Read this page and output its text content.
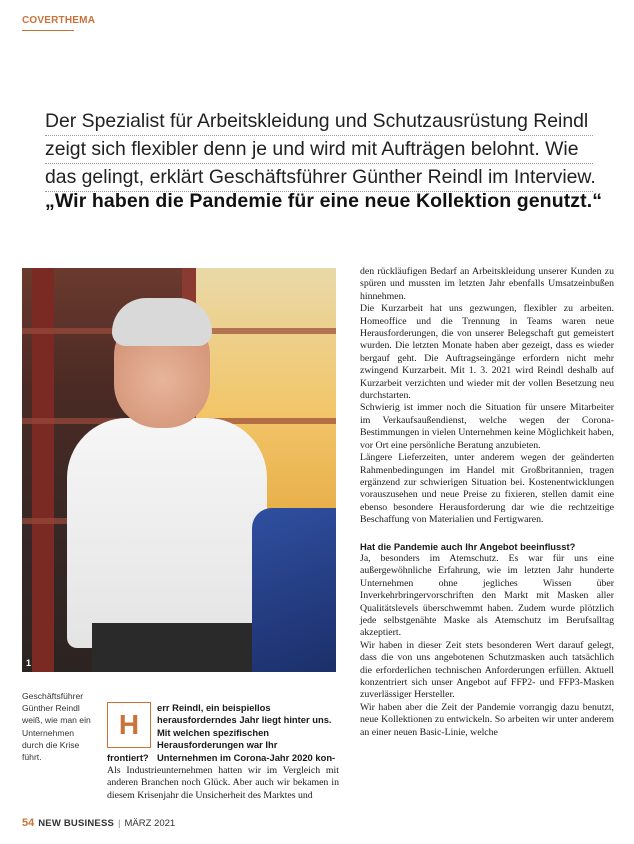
COVERTHEMA
Der Spezialist für Arbeitskleidung und Schutzausrüstung Reindl
zeigt sich flexibler denn je und wird mit Aufträgen belohnt. Wie
das gelingt, erklärt Geschäftsführer Günther Reindl im Interview.
„Wir haben die Pandemie für eine neue Kollektion genutzt.“
1
Geschäftsführer Günther Reindl weiß, wie man ein Unternehmen durch die Krise führt.
H
err Reindl, ein beispiellos herausforderndes Jahr liegt hinter uns. Mit welchen spezifischen Herausforderungen war Ihr Unternehmen im Corona-Jahr 2020 kon-
frontiert?

Als Industrieunternehmen hatten wir im Vergleich mit anderen Branchen noch Glück. Aber auch wir bekamen in diesem Krisenjahr die Unsicherheit des Marktes und

den rückläufigen Bedarf an Arbeitskleidung unserer Kunden zu spüren und mussten im letzten Jahr ebenfalls Umsatzeinbußen hinnehmen.

Die Kurzarbeit hat uns gezwungen, flexibler zu arbeiten. Homeoffice und die Trennung in Teams waren neue Herausforderungen, die von unserer Belegschaft gut gemeistert wurden. Die letzten Monate haben aber gezeigt, dass es wieder bergauf geht. Die Auftragseingänge erfordern nicht mehr zwingend Kurzarbeit. Mit 1. 3. 2021 wird Reindl deshalb auf Kurzarbeit verzichten und wieder mit der vollen Besetzung neu durchstarten.

Schwierig ist immer noch die Situation für unsere Mitarbeiter im Verkaufsaußendienst, welche wegen der Corona-Bestimmungen in vielen Unternehmen keine Möglichkeit haben, vor Ort eine persönliche Beratung anzubieten.

Längere Lieferzeiten, unter anderem wegen der geänderten Rahmenbedingungen im Handel mit Großbritannien, tragen ergänzend zur schwierigen Situation bei. Kostenentwicklungen vorauszusehen und neue Preise zu fixieren, stellen damit eine ebenso besondere Herausforderung dar wie die rechtzeitige Beschaffung von Materialien und Fertigwaren.

Hat die Pandemie auch Ihr Angebot beeinflusst?

Ja, besonders im Atemschutz. Es war für uns eine außergewöhnliche Erfahrung, wie im letzten Jahr hunderte Unternehmen ohne jegliches Wissen über Inverkehrbringervorschriften den Markt mit Masken aller Qualitätslevels überschwemmt haben. Zudem wurde plötzlich jede selbstgenähte Maske als Atemschutz im Berufsalltag akzeptiert.

Wir haben in dieser Zeit stets besonderen Wert darauf gelegt, dass die von uns angebotenen Schutzmasken auch tatsächlich die erforderlichen technischen Anforderungen erfüllen. Aktuell konzentriert sich unser Angebot auf FFP2- und FFP3-Masken zuverlässiger Hersteller.

Wir haben aber die Zeit der Pandemie vorrangig dazu benutzt, neue Kollektionen zu entwickeln. So arbeiten wir unter anderem an einer neuen Basic-Linie, welche

54 NEW BUSINESS | MÄRZ 2021
